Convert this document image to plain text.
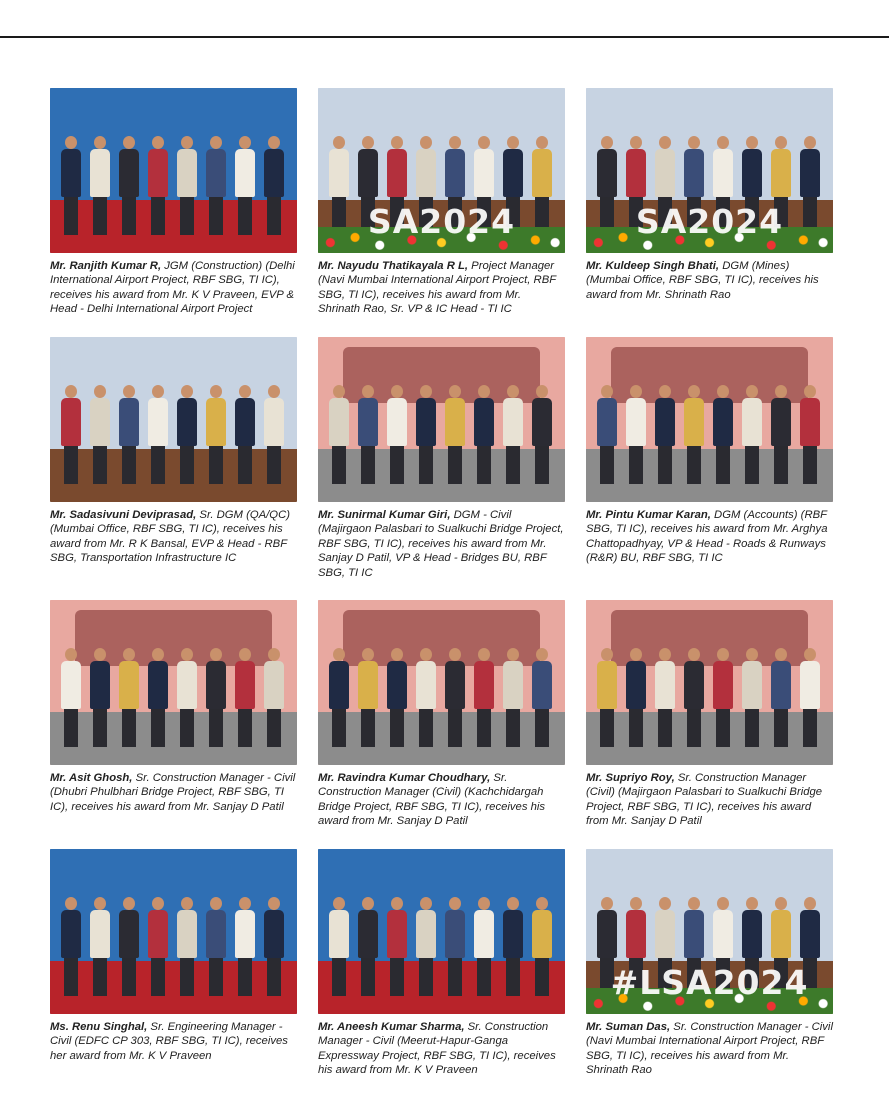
Mr. Ranjith Kumar R, JGM (Construction) (Delhi International Airport Project, RBF SBG, TI IC), receives his award from Mr. K V Praveen, EVP & Head - Delhi International Airport Project
SA2024
Mr. Nayudu Thatikayala R L, Project Manager (Navi Mumbai International Airport Project, RBF SBG, TI IC), receives his award from Mr. Shrinath Rao, Sr. VP & IC Head - TI IC
SA2024
Mr. Kuldeep Singh Bhati, DGM (Mines) (Mumbai Office, RBF SBG, TI IC), receives his award from Mr. Shrinath Rao
Mr. Sadasivuni Deviprasad, Sr. DGM (QA/QC) (Mumbai Office, RBF SBG, TI IC), receives his award from Mr. R K Bansal, EVP & Head - RBF SBG, Transportation Infrastructure IC
Mr. Sunirmal Kumar Giri, DGM - Civil (Majirgaon Palasbari to Sualkuchi Bridge Project, RBF SBG, TI IC), receives his award from Mr. Sanjay D Patil, VP & Head - Bridges BU, RBF SBG, TI IC
Mr. Pintu Kumar Karan, DGM (Accounts) (RBF SBG, TI IC), receives his award from Mr. Arghya Chattopadhyay, VP & Head - Roads & Runways (R&R) BU, RBF SBG, TI IC
Mr. Asit Ghosh, Sr. Construction Manager - Civil (Dhubri Phulbhari Bridge Project, RBF SBG, TI IC), receives his award from Mr. Sanjay D Patil
Mr. Ravindra Kumar Choudhary, Sr. Construction Manager (Civil) (Kachchidargah Bridge Project, RBF SBG, TI IC), receives his award from Mr. Sanjay D Patil
Mr. Supriyo Roy, Sr. Construction Manager (Civil) (Majirgaon Palasbari to Sualkuchi Bridge Project, RBF SBG, TI IC), receives his award from Mr. Sanjay D Patil
Ms. Renu Singhal, Sr. Engineering Manager - Civil (EDFC CP 303, RBF SBG, TI IC), receives her award from Mr. K V Praveen
Mr. Aneesh Kumar Sharma, Sr. Construction Manager - Civil (Meerut-Hapur-Ganga Expressway Project, RBF SBG, TI IC), receives his award from Mr. K V Praveen
#LSA2024
Mr. Suman Das, Sr. Construction Manager - Civil (Navi Mumbai International Airport Project, RBF SBG, TI IC), receives his award from Mr. Shrinath Rao
